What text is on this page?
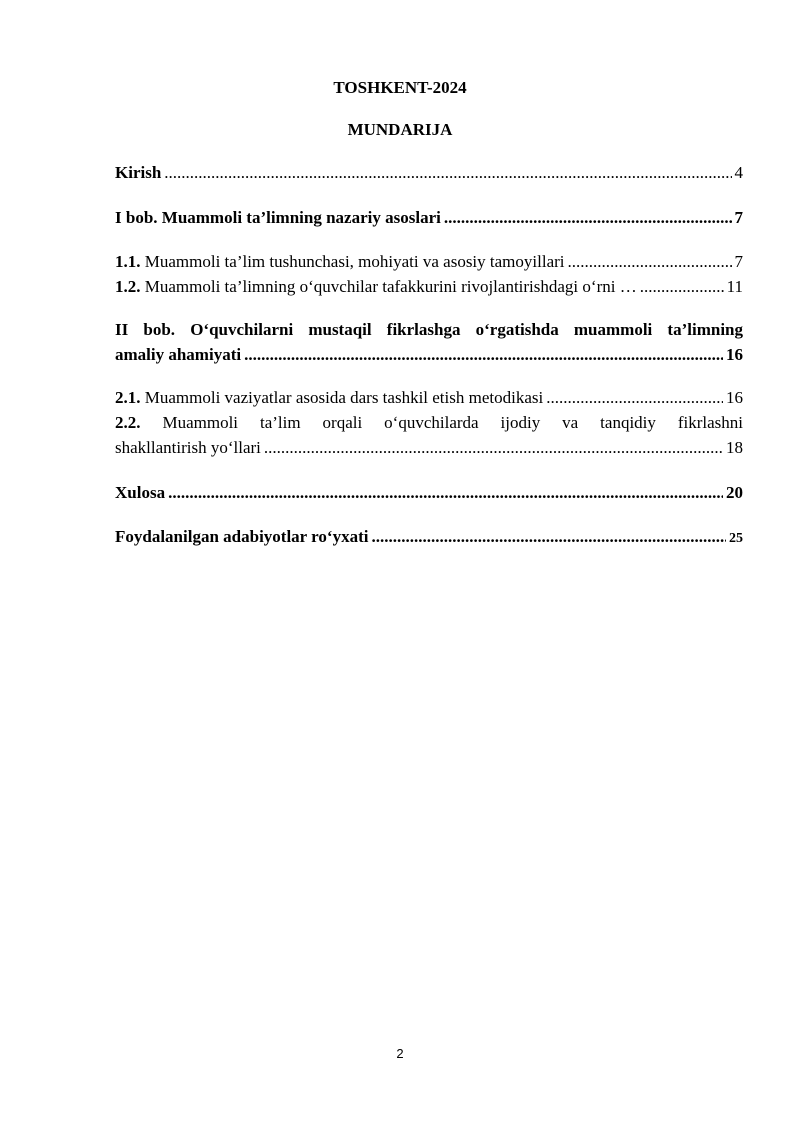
TOSHKENT-2024
MUNDARIJA
Kirish .....	4
I bob. Muammoli ta’limning nazariy asoslari .....	7
1.1. Muammoli ta’lim tushunchasi, mohiyati va asosiy tamoyillari .....	7
1.2. Muammoli ta’limning o‘quvchilar tafakkurini rivojlantirishdagi o‘rni … .....	11
II bob. O‘quvchilarni mustaqil fikrlashga o‘rgatishda muammoli ta’limning
amaliy ahamiyati .....	16
2.1. Muammoli vaziyatlar asosida dars tashkil etish metodikasi .....	16
2.2. Muammoli ta’lim orqali o‘quvchilarda ijodiy va tanqidiy fikrlashni
shakllantirish yo‘llari .....	18
Xulosa .....	20
Foydalanilgan adabiyotlar ro‘yxati .....	25
2
